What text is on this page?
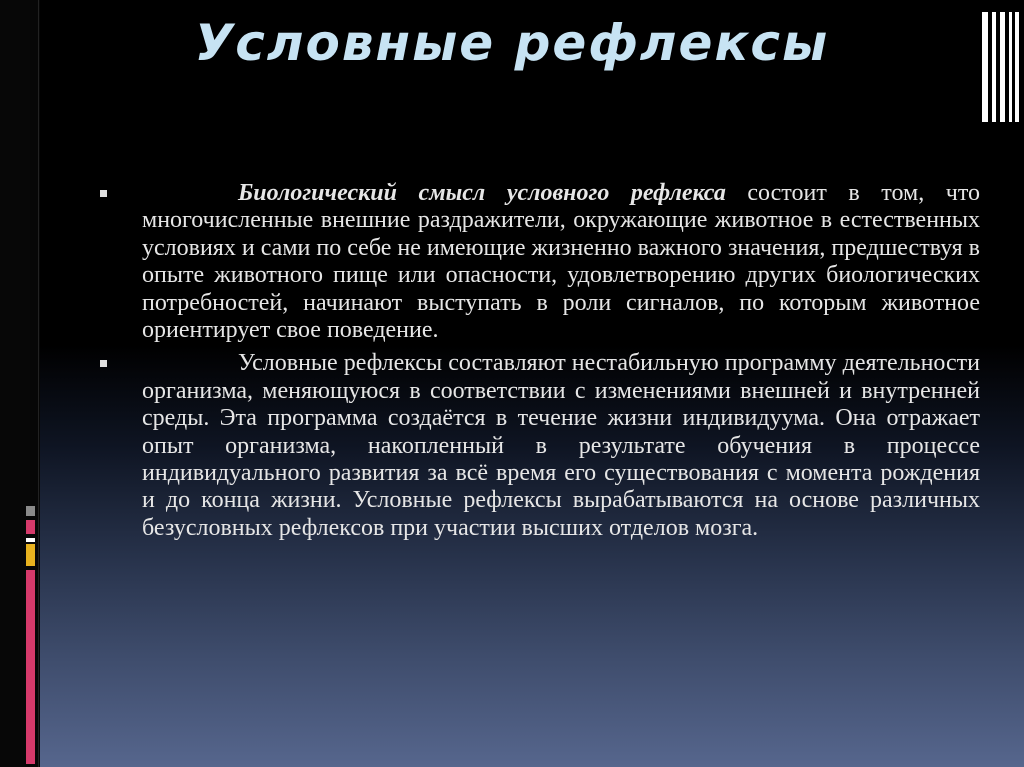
Условные рефлексы
Биологический смысл условного рефлекса состоит в том, что многочисленные внешние раздражители, окружающие животное в естественных условиях и сами по себе не имеющие жизненно важного значения, предшествуя в опыте животного пище или опасности, удовлетворению других биологических потребностей, начинают выступать в роли сигналов, по которым животное ориентирует свое поведение.
Условные рефлексы составляют нестабильную программу деятельности организма, меняющуюся в соответствии с изменениями внешней и внутренней среды. Эта программа создаётся в течение жизни индивидуума. Она отражает опыт организма, накопленный в результате обучения в процессе индивидуального развития за всё время его существования с момента рождения и до конца жизни. Условные рефлексы вырабатываются на основе различных безусловных рефлексов при участии высших отделов мозга.
